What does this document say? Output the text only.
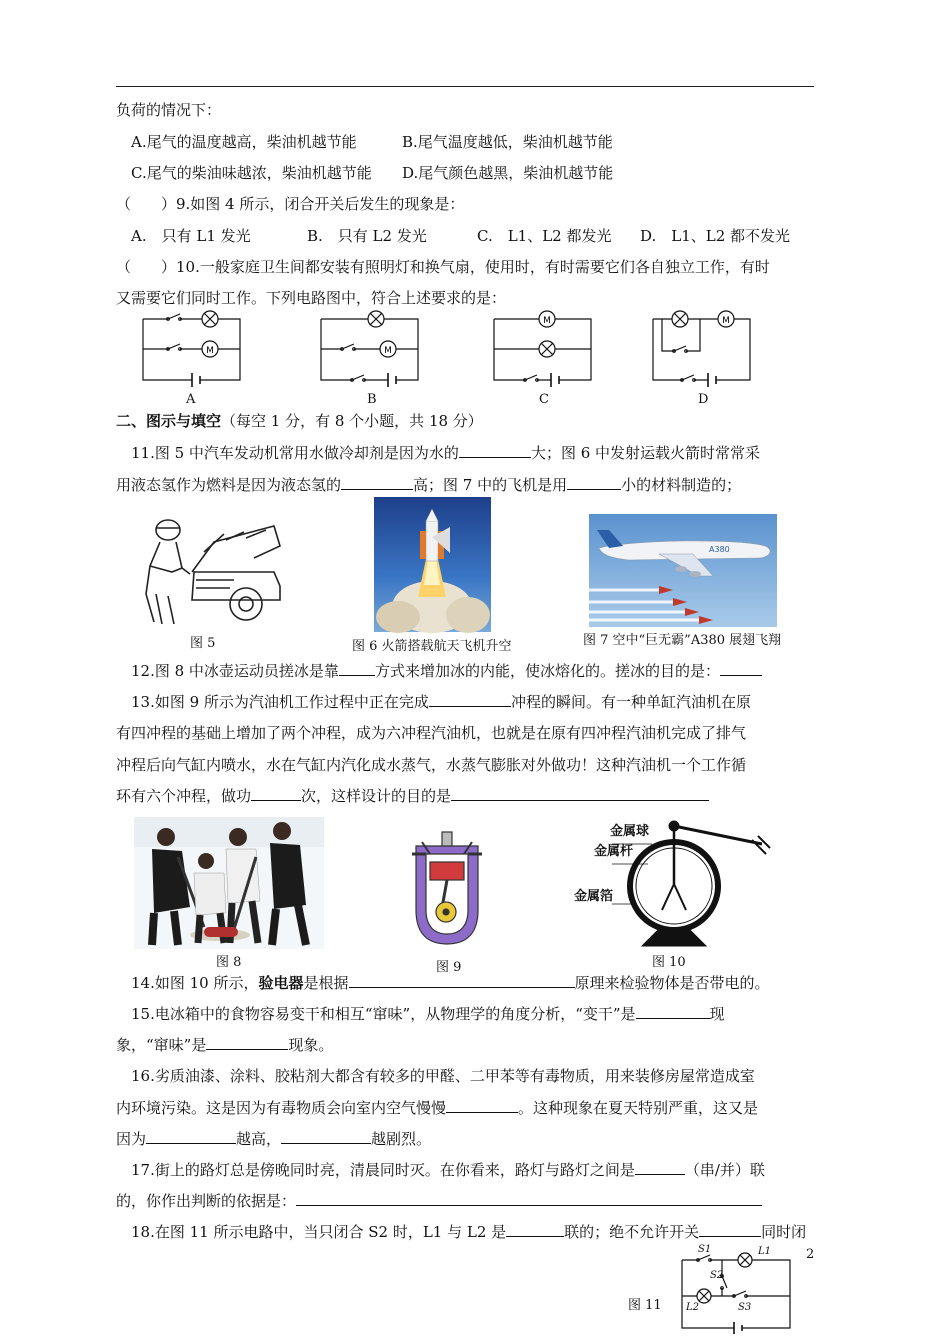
负荷的情况下：
A.尾气的温度越高，柴油机越节能	B.尾气温度越低，柴油机越节能
C.尾气的柴油味越浓，柴油机越节能 D.尾气颜色越黑，柴油机越节能
（　　）9.如图 4 所示，闭合开关后发生的现象是：
A.　只有 L1 发光	B.　只有 L2 发光	C.　L1、L2 都发光 D.　L1、L2 都不发光
（　　）10.一般家庭卫生间都安装有照明灯和换气扇，使用时，有时需要它们各自独立工作，有时
又需要它们同时工作。下列电路图中，符合上述要求的是：
M
A
M
B
M
C
M
D
二、图示与填空（每空 1 分，有 8 个小题，共 18 分）
11.图 5 中汽车发动机常用水做冷却剂是因为水的	大；图 6 中发射运载火箭时常常采
用液态氢作为燃料是因为液态氢的	高；图 7 中的飞机是用	小的材料制造的；
图 5	图 6 火箭搭载航天飞机升空
A380
图 7 空中“巨无霸”A380 展翅飞翔
12.图 8 中冰壶运动员搓冰是靠 方式来增加冰的内能，使冰熔化的。搓冰的目的是：
13.如图 9 所示为汽油机工作过程中正在完成	冲程的瞬间。有一种单缸汽油机在原
有四冲程的基础上增加了两个冲程，成为六冲程汽油机，也就是在原有四冲程汽油机完成了排气
冲程后向气缸内喷水，水在气缸内汽化成水蒸气，水蒸气膨胀对外做功！这种汽油机一个工作循
环有六个冲程，做功	次，这样设计的目的是
图 8	图 9
金属球
金属杆
金属箔
图 10
14.如图 10 所示，验电器是根据	原理来检验物体是否带电的。
15.电冰箱中的食物容易变干和相互“窜味”，从物理学的角度分析，“变干”是	现
象，“窜味”是	现象。
16.劣质油漆、涂料、胶粘剂大都含有较多的甲醛、二甲苯等有毒物质，用来装修房屋常造成室
内环境污染。这是因为有毒物质会向室内空气慢慢	。这种现象在夏天特别严重，这又是
因为	越高，	越剧烈。
17.街上的路灯总是傍晚同时亮，清晨同时灭。在你看来，路灯与路灯之间是	（串/并）联
的，你作出判断的依据是：
18.在图 11 所示电路中，当只闭合 S2 时，L1 与 L2 是	联的；绝不允许开关	同时闭
2
图 11
S1	L1
S2
L2	S3
